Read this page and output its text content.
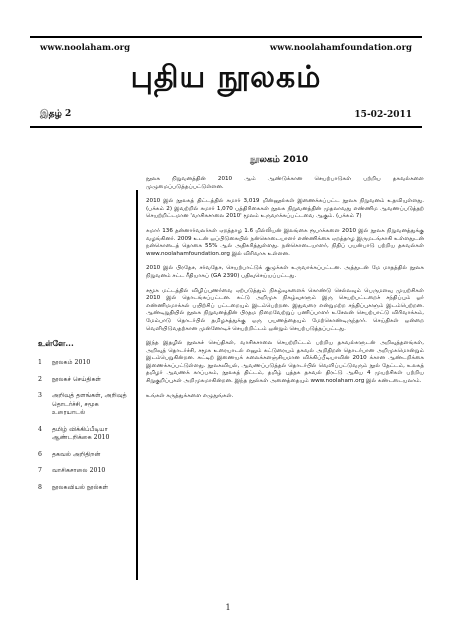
www.noolaham.org	www.noolahamfoundation.org
புதிய நூலகம்
இதழ் 2	15-02-2011
நூலகம் 2010
உள்ளே...
1	நூலகம் 2010
2	நூலகச் செய்திகள்
3	அறிவுத் தளங்கள், அறிவுத் தொடர்ச்சி, சமூக உரையாடல்
4	தமிழ் விக்கிப்பீடியா ஆண்டறிக்கை 2010
6	தகவல் அறிதிறன்
7	வாசிகசாலை 2010
8	நூலகவியல் நூல்கள்

நூலக நிறுவனத்தின் 2010 ஆம் ஆண்டுக்கான செயற்பாடுகள் பற்றிய தகவல்களை முழுமைப்படுத்தப்பட்டுள்ளன.

2010 இல் நூலகத் திட்டத்தில் சுமார் 3,019 மின்னூல்கள் இணைக்கப்பட்ட நூலக நிறுவனம் உதவியுள்ளது. (பக்கம் 2) இவற்றில் சுமார் 1,070 பத்திரிகைகள் நூலக நிறுவனத்தின் முதலாவது எண்ணிம ஆவணப்படுத்தற் செயற்றிட்டமான 'வாசிகசாலை 2010' மூலம் உருவாக்கப்பட்டவை ஆகும். (பக்கம் 7)

சுமார் 136 தன்னார்வலர்கள் ஏறத்தாழ 1.6 மில்லியன் இலங்கை ரூபாக்களை 2010 இல் நூலக நிறுவனத்துக்கு வழங்கினர். 2009 உடன் ஒப்பிடுகையில் நன்கொடையாளர் எண்ணிக்கை ஏறத்தாழ இருமடங்காகி உள்ளதுடன் நன்கொடைத் தொகை 55% ஆல் அதிகரித்துள்ளது. நன்கொடையாளர், நிதிப் பயன்பாடு பற்றிய தகவல்கள் www.noolahamfoundation.org இல் விரிவாக உள்ளன.

2010 இல் பிரதேச, சர்வதேச, செயற்பாட்டுக் குழுக்கள் உருவாக்கப்பட்டன. அத்துடன் மே மாதத்தில் நூலக நிறுவனம் சட்ட ரீதியாகப் (GA 2390) பதிவுசெய்யப்பட்டது.

சமூக மட்டத்தில் விழிப்புணர்வை ஏற்படுத்தும் நிகழ்வுகளைக் கொண்டு செல்லவும் பெருமளவு முயற்சிகள் 2010 இல் தொடங்கப்பட்டன. சுட்டு அறிமுக நிகழ்வுகளும் இரு செயற்பட்டறைச் சந்திப்பும் ஓர் எண்ணிமமாக்கல் பயிற்சிப் பட்டறையும் இடம்பெற்றன. இதுவரை என்றுமற்ற சந்திப்புகளும் இடம்பெற்றன. ஆண்டிறுதியில் நூலக நிறுவனத்தின் பிரதம நிறைவேற்றுப் பணிப்பாளர் உசேலன் செயற்பாட்டு விரிவாக்கம், மேம்பாடு தொடர்பில் தமிழகத்துக்கு ஒரு பயணத்தையும் மேற்கொண்டிருந்தார். செய்திகள் ஒன்றை வெளியிடுவதற்கான முன்னோடிச் செயற்றிட்டம் ஒன்றும் செயற்படுத்தப்பட்டது.

இந்த இதழில் நூலகச் செய்திகள், வாசிகசாலை செயற்றிட்டம் பற்றிய தகவல்களுடன் அறிவுத்தளங்கள், அறிவுத் தொடர்ச்சி, சமூக உரையாடல் எனும் கட்டுரையும் தகவல் அறிதிறன் தொடர்பான அறிமுகமொன்றும் இடம்பெறுகின்றன. சுட்டிற் இணையக் கலைக்களஞ்சியமான விக்கிப்பீடியாவின் 2010 க்கான ஆண்டறிக்கை இணைக்கப்பட்டுள்ளது. நூலகவியல், ஆவணப்படுத்தல் தொடர்பில் வெளிப்பட்டுவரும் நூல் தேட்டம், உலகத் தமிழர் ஆவணக் காப்பகம், நூலகத் திட்டம், தமிழ் புத்தக தகவல் திரட்டு ஆகிய 4 முயற்சிகள் பற்றிய சிறுகுறிப்புகள் அறிமுகமாகின்றன. இந்த நூல்கள் அனைத்தையும் www.noolaham.org இல் கண்டடையலாம்.

உங்கள் கருத்துக்களை எழுதுங்கள்.

1
